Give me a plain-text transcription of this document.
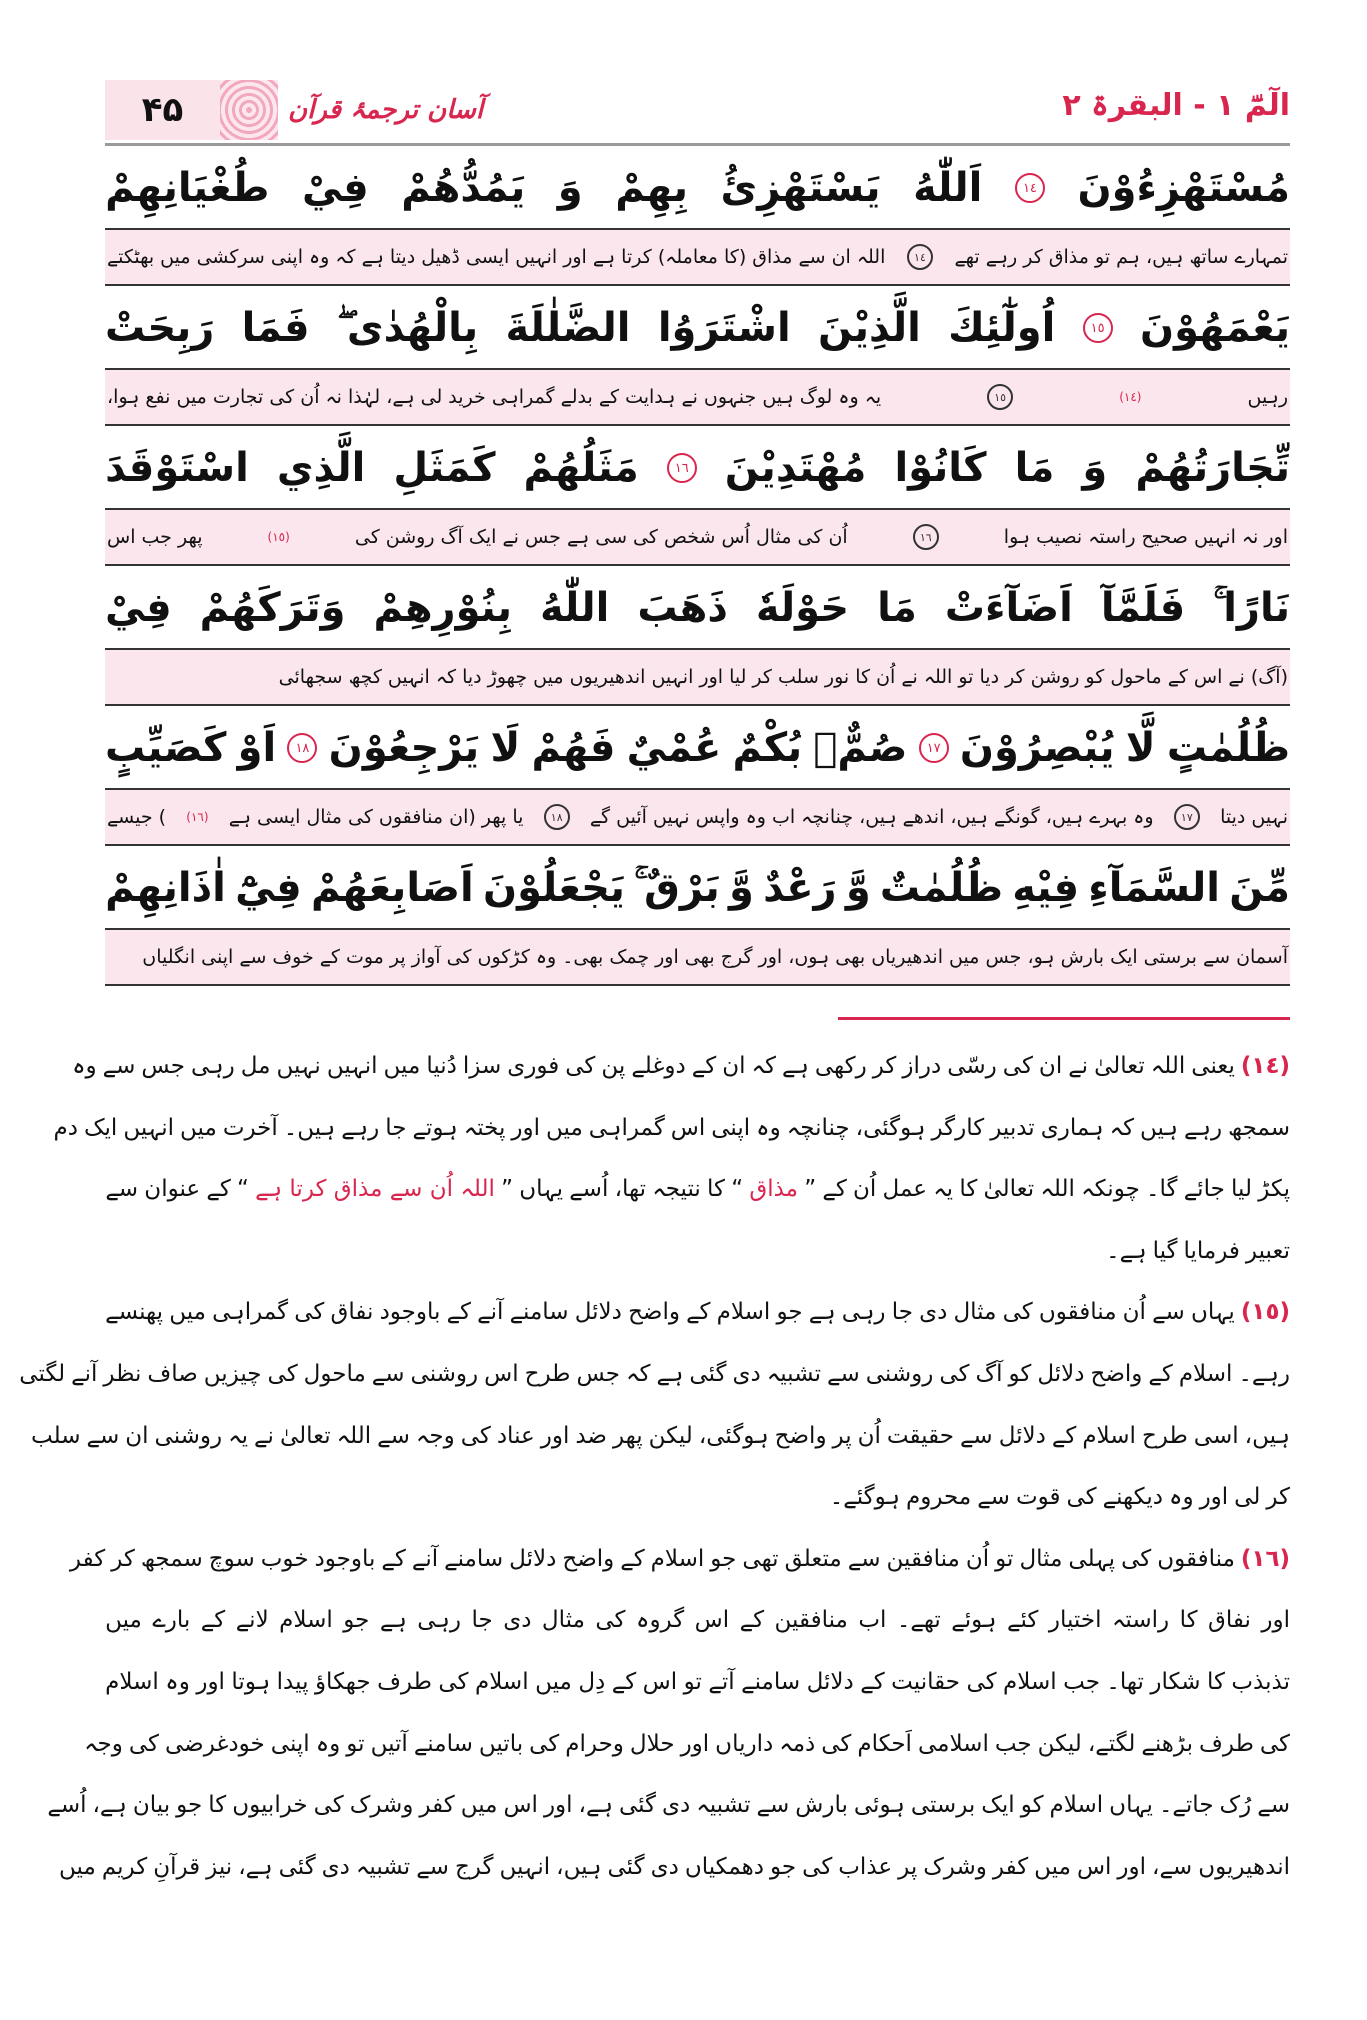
الٓمّٓ ۱ - البقرۃ ۲
۴۵	آسان ترجمۂ قرآن
مُسْتَهْزِءُوْنَ
١٤
اَللّٰهُ
يَسْتَهْزِئُ
بِهِمْ
وَ
يَمُدُّهُمْ
فِيْ
طُغْيَانِهِمْ
تمہارے ساتھ ہیں، ہم تو مذاق کر رہے تھے
١٤
اللہ ان سے مذاق (کا معاملہ) کرتا ہے اور انہیں ایسی ڈھیل دیتا ہے کہ وہ اپنی سرکشی میں بھٹکتے
يَعْمَهُوْنَ
١٥
اُولٰٓئِكَ
الَّذِيْنَ
اشْتَرَوُا
الضَّلٰلَةَ
بِالْهُدٰى ۖ
فَمَا
رَبِحَتْ
رہیں
(١٤)
١٥
یہ وہ لوگ ہیں جنہوں نے ہدایت کے بدلے گمراہی خرید لی ہے، لہٰذا نہ اُن کی تجارت میں نفع ہوا،
تِّجَارَتُهُمْ
وَ
مَا
كَانُوْا
مُهْتَدِيْنَ
١٦
مَثَلُهُمْ
كَمَثَلِ
الَّذِي
اسْتَوْقَدَ
اور نہ انہیں صحیح راستہ نصیب ہوا
١٦
اُن کی مثال اُس شخص کی سی ہے جس نے ایک آگ روشن کی
(١٥)
پھر جب اس
نَارًا ۚ
فَلَمَّآ
اَضَآءَتْ
مَا
حَوْلَهٗ
ذَهَبَ
اللّٰهُ
بِنُوْرِهِمْ
وَتَرَكَهُمْ
فِيْ
(آگ) نے اس کے ماحول کو روشن کر دیا تو اللہ نے اُن کا نور سلب کر لیا اور انہیں اندھیریوں میں چھوڑ دیا کہ انہیں کچھ سجھائی
ظُلُمٰتٍ
لَّا
يُبْصِرُوْنَ
١٧
صُمٌّۢ
بُكْمٌ
عُمْيٌ
فَهُمْ
لَا
يَرْجِعُوْنَ
١٨
اَوْ
كَصَيِّبٍ
نہیں دیتا
١٧
وہ بہرے ہیں، گونگے ہیں، اندھے ہیں، چنانچہ اب وہ واپس نہیں آئیں گے
١٨
یا پھر (ان منافقوں کی مثال ایسی ہے
(١٦)
) جیسے
مِّنَ
السَّمَآءِ
فِيْهِ
ظُلُمٰتٌ
وَّ
رَعْدٌ
وَّ
بَرْقٌ ۚ
يَجْعَلُوْنَ
اَصَابِعَهُمْ
فِيْٓ
اٰذَانِهِمْ
آسمان سے برستی ایک بارش ہو، جس میں اندھیریاں بھی ہوں، اور گرج بھی اور چمک بھی۔ وہ کڑکوں کی آواز پر موت کے خوف سے اپنی انگلیاں
(١٤)
یعنی
اللہ
تعالیٰ
نے
ان
کی
رسّی
دراز
کر
رکھی
ہے
کہ
ان
کے
دوغلے
پن
کی
فوری
سزا
دُنیا
میں
انہیں
نہیں
مل
رہی
جس
سے
وہ
سمجھ
رہے
ہیں
کہ
ہماری
تدبیر
کارگر
ہوگئی،
چنانچہ
وہ
اپنی
اس
گمراہی
میں
اور
پختہ
ہوتے
جا
رہے
ہیں۔
آخرت
میں
انہیں
ایک
دم
پکڑ
لیا
جائے
گا۔
چونکہ
اللہ
تعالیٰ
کا
یہ
عمل
اُن
کے
”
مذاق
“
کا
نتیجہ
تھا،
اُسے
یہاں
”
اللہ اُن سے مذاق کرتا ہے
“
کے
عنوان
سے
تعبیر
فرمایا
گیا
ہے۔
(١٥)
یہاں
سے
اُن
منافقوں
کی
مثال
دی
جا
رہی
ہے
جو
اسلام
کے
واضح
دلائل
سامنے
آنے
کے
باوجود
نفاق
کی
گمراہی
میں
پھنسے
رہے۔
اسلام
کے
واضح
دلائل
کو
آگ
کی
روشنی
سے
تشبیہ
دی
گئی
ہے
کہ
جس
طرح
اس
روشنی
سے
ماحول
کی
چیزیں
صاف
نظر
آنے
لگتی
ہیں،
اسی
طرح
اسلام
کے
دلائل
سے
حقیقت
اُن
پر
واضح
ہوگئی،
لیکن
پھر
ضد
اور
عناد
کی
وجہ
سے
اللہ
تعالیٰ
نے
یہ
روشنی
ان
سے
سلب
کر
لی
اور
وہ
دیکھنے
کی
قوت
سے
محروم
ہوگئے۔
(١٦)
منافقوں
کی
پہلی
مثال
تو
اُن
منافقین
سے
متعلق
تھی
جو
اسلام
کے
واضح
دلائل
سامنے
آنے
کے
باوجود
خوب
سوچ
سمجھ
کر
کفر
اور
نفاق
کا
راستہ
اختیار
کئے
ہوئے
تھے۔
اب
منافقین
کے
اس
گروہ
کی
مثال
دی
جا
رہی
ہے
جو
اسلام
لانے
کے
بارے
میں
تذبذب
کا
شکار
تھا۔
جب
اسلام
کی
حقانیت
کے
دلائل
سامنے
آتے
تو
اس
کے
دِل
میں
اسلام
کی
طرف
جھکاؤ
پیدا
ہوتا
اور
وہ
اسلام
کی
طرف
بڑھنے
لگتے،
لیکن
جب
اسلامی
اَحکام
کی
ذمہ
داریاں
اور
حلال
وحرام
کی
باتیں
سامنے
آتیں
تو
وہ
اپنی
خودغرضی
کی
وجہ
سے
رُک
جاتے۔
یہاں
اسلام
کو
ایک
برستی
ہوئی
بارش
سے
تشبیہ
دی
گئی
ہے،
اور
اس
میں
کفر
وشرک
کی
خرابیوں
کا
جو
بیان
ہے،
اُسے
اندھیریوں
سے،
اور
اس
میں
کفر
وشرک
پر
عذاب
کی
جو
دھمکیاں
دی
گئی
ہیں،
انہیں
گرج
سے
تشبیہ
دی
گئی
ہے،
نیز
قرآنِ
کریم
میں
